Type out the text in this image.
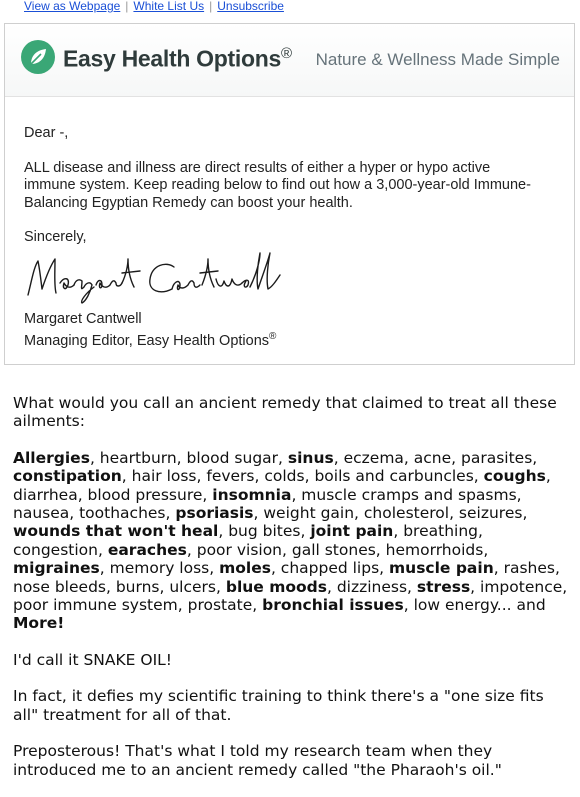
View as Webpage | White List Us | Unsubscribe
Easy Health Options® Nature & Wellness Made Simple

Dear -,

ALL disease and illness are direct results of either a hyper or hypo active immune system. Keep reading below to find out how a 3,000-year-old Immune-Balancing Egyptian Remedy can boost your health.

Sincerely,

Margaret Cantwell

Managing Editor, Easy Health Options®

What would you call an ancient remedy that claimed to treat all these ailments:

Allergies, heartburn, blood sugar, sinus, eczema, acne, parasites, constipation, hair loss, fevers, colds, boils and carbuncles, coughs, diarrhea, blood pressure, insomnia, muscle cramps and spasms, nausea, toothaches, psoriasis, weight gain, cholesterol, seizures, wounds that won't heal, bug bites, joint pain, breathing, congestion, earaches, poor vision, gall stones, hemorrhoids, migraines, memory loss, moles, chapped lips, muscle pain, rashes, nose bleeds, burns, ulcers, blue moods, dizziness, stress, impotence, poor immune system, prostate, bronchial issues, low energy... and More!

I'd call it SNAKE OIL!

In fact, it defies my scientific training to think there's a "one size fits all" treatment for all of that.

Preposterous! That's what I told my research team when they introduced me to an ancient remedy called "the Pharaoh's oil."
